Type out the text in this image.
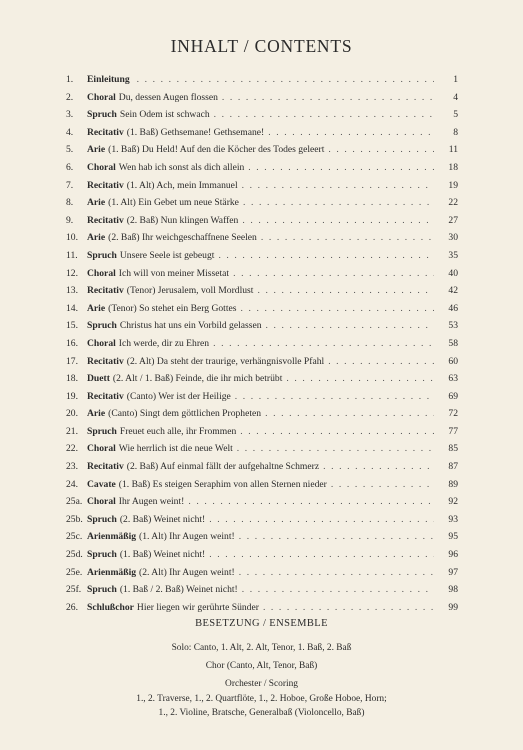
INHALT / CONTENTS
1.	Einleitung . . .	1
2.	Choral Du, dessen Augen flossen . . .	4
3.	Spruch Sein Odem ist schwach . . .	5
4.	Recitativ (1. Baß) Gethsemane! Gethsemane! . . .	8
5.	Arie (1. Baß) Du Held! Auf den die Köcher des Todes geleert . . .	11
6.	Choral Wen hab ich sonst als dich allein . . .	18
7.	Recitativ (1. Alt) Ach, mein Immanuel . . .	19
8.	Arie (1. Alt) Ein Gebet um neue Stärke . . .	22
9.	Recitativ (2. Baß) Nun klingen Waffen . . .	27
10. Arie (2. Baß) Ihr weichgeschaffnene Seelen . . .	30
11. Spruch Unsere Seele ist gebeugt . . .	35
12. Choral Ich will von meiner Missetat . . .	40
13. Recitativ (Tenor) Jerusalem, voll Mordlust . . .	42
14. Arie (Tenor) So stehet ein Berg Gottes . . .	46
15. Spruch Christus hat uns ein Vorbild gelassen . . .	53
16. Choral Ich werde, dir zu Ehren . . .	58
17. Recitativ (2. Alt) Da steht der traurige, verhängnisvolle Pfahl . . .	60
18. Duett (2. Alt / 1. Baß) Feinde, die ihr mich betrübt . . .	63
19. Recitativ (Canto) Wer ist der Heilige . . .	69
20. Arie (Canto) Singt dem göttlichen Propheten . . .	72
21. Spruch Freuet euch alle, ihr Frommen . . .	77
22. Choral Wie herrlich ist die neue Welt . . .	85
23. Recitativ (2. Baß) Auf einmal fällt der aufgehaltne Schmerz . . .	87
24. Cavate (1. Baß) Es steigen Seraphim von allen Sternen nieder . . .	89
25a. Choral Ihr Augen weint! . . .	92
25b. Spruch (2. Baß) Weinet nicht! . . .	93
25c. Arienmäßig (1. Alt) Ihr Augen weint! . . .	95
25d. Spruch (1. Baß) Weinet nicht! . . .	96
25e. Arienmäßig (2. Alt) Ihr Augen weint! . . .	97
25f. Spruch (1. Baß / 2. Baß) Weinet nicht! . . .	98
26. Schlußchor Hier liegen wir gerührte Sünder . . .	99
BESETZUNG / ENSEMBLE
Solo: Canto, 1. Alt, 2. Alt, Tenor, 1. Baß, 2. Baß
Chor (Canto, Alt, Tenor, Baß)
Orchester / Scoring
1., 2. Traverse, 1., 2. Quartflöte, 1., 2. Hoboe, Große Hoboe, Horn;
1., 2. Violine, Bratsche, Generalbaß (Violoncello, Baß)
